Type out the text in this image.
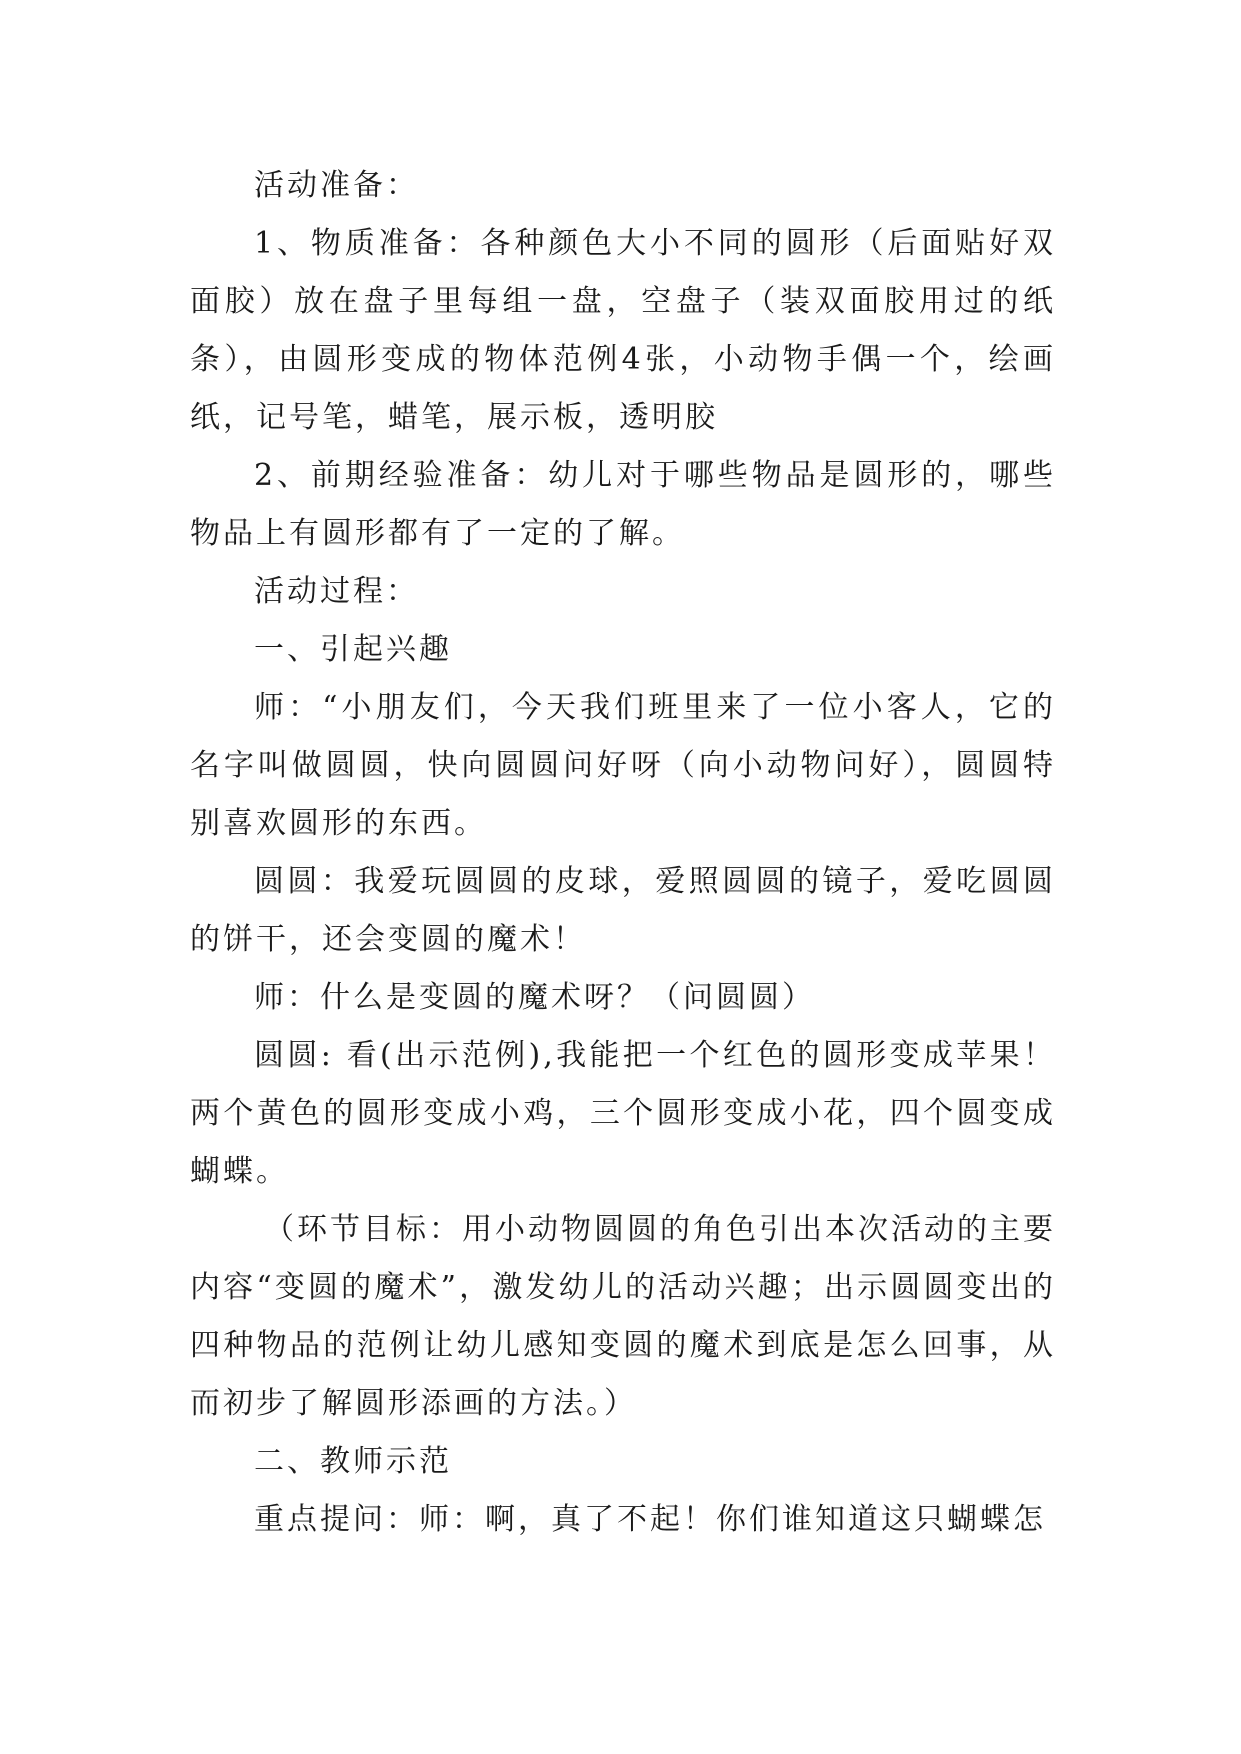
活动准备：

1、物质准备：各种颜色大小不同的圆形（后面贴好双面胶）放在盘子里每组一盘，空盘子（装双面胶用过的纸条），由圆形变成的物体范例4张，小动物手偶一个，绘画纸，记号笔，蜡笔，展示板，透明胶

2、前期经验准备：幼儿对于哪些物品是圆形的，哪些物品上有圆形都有了一定的了解。

活动过程：

一、引起兴趣

师：“小朋友们，今天我们班里来了一位小客人，它的名字叫做圆圆，快向圆圆问好呀（向小动物问好），圆圆特别喜欢圆形的东西。

圆圆：我爱玩圆圆的皮球，爱照圆圆的镜子，爱吃圆圆的饼干，还会变圆的魔术！

师：什么是变圆的魔术呀？（问圆圆）

圆圆: 看(出示范例),我能把一个红色的圆形变成苹果！两个黄色的圆形变成小鸡，三个圆形变成小花，四个圆变成蝴蝶。

（环节目标：用小动物圆圆的角色引出本次活动的主要内容“变圆的魔术”，激发幼儿的活动兴趣；出示圆圆变出的四种物品的范例让幼儿感知变圆的魔术到底是怎么回事，从而初步了解圆形添画的方法。）

二、教师示范

重点提问：师：啊，真了不起！你们谁知道这只蝴蝶怎
